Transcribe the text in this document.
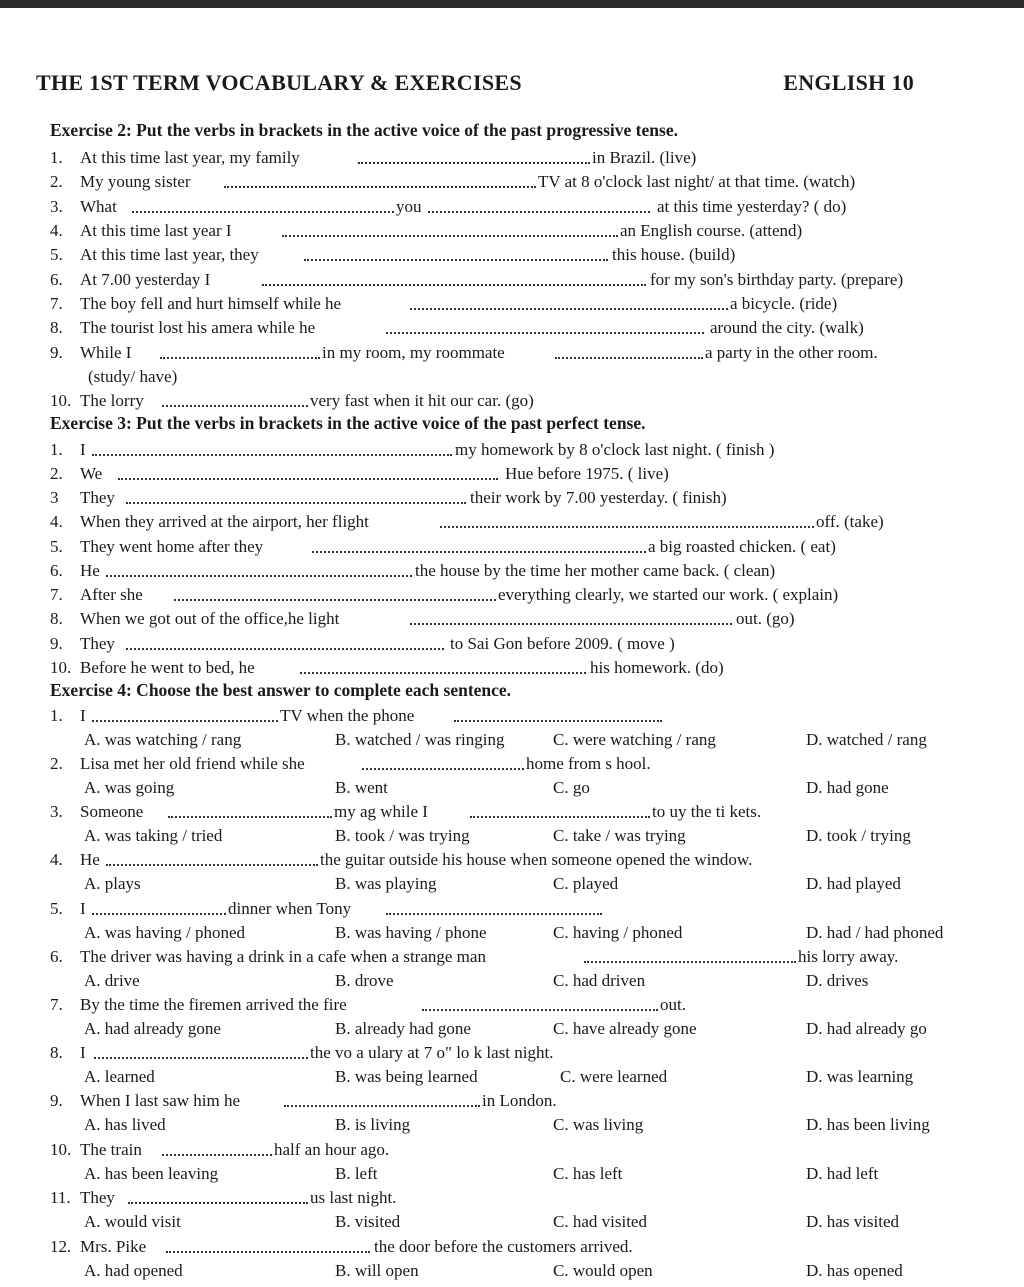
THE 1ST TERM VOCABULARY & EXERCISES	ENGLISH 10
Exercise 2: Put the verbs in brackets in the active voice of the past progressive tense.
1. At this time last year, my family	in Brazil. (live)
2. My young sister	TV at 8 o'clock last night/ at that time. (watch)
3. What	you	at this time yesterday? ( do)
4. At this time last year I	an English course. (attend)
5. At this time last year, they	this house. (build)
6. At 7.00 yesterday I	for my son's birthday party. (prepare)
7. The boy fell and hurt himself while he	a bicycle. (ride)
8. The tourist lost his amera while he	around the city. (walk)
9. While I	in my room, my roommate	a party in the other room.
(study/ have)
10. The lorry	very fast when it hit our car. (go)
Exercise 3: Put the verbs in brackets in the active voice of the past perfect tense.
1. I	my homework by 8 o'clock last night. ( finish )
2. We	Hue before 1975. ( live)
3 They	their work by 7.00 yesterday. ( finish)
4. When they arrived at the airport, her flight	off. (take)
5. They went home after they	a big roasted chicken. ( eat)
6. He	the house by the time her mother came back. ( clean)
7. After she	everything clearly, we started our work. ( explain)
8. When we got out of the office,he light	out. (go)
9. They	to Sai Gon before 2009. ( move )
10. Before he went to bed, he	his homework. (do)
Exercise 4: Choose the best answer to complete each sentence.
1. I	TV when the phone
A. was watching / rang	B. watched / was ringing	C. were watching / rang	D. watched / rang
2. Lisa met her old friend while she	home from s hool.
A. was going	B. went	C. go	D. had gone
3. Someone	my ag while I	to uy the ti kets.
A. was taking / tried	B. took / was trying	C. take / was trying	D. took / trying
4. He	the guitar outside his house when someone opened the window.
A. plays	B. was playing	C. played	D. had played
5. I	dinner when Tony
A. was having / phoned	B. was having / phone	C. having / phoned	D. had / had phoned
6. The driver was having a drink in a cafe when a strange man	his lorry away.
A. drive	B. drove	C. had driven	D. drives
7. By the time the firemen arrived the fire	out.
A. had already gone	B. already had gone	C. have already gone	D. had already go
8. I	the vo a ulary at 7 o" lo k last night.
A. learned	B. was being learned	C. were learned	D. was learning
9. When I last saw him he	in London.
A. has lived	B. is living	C. was living	D. has been living
10. The train	half an hour ago.
A. has been leaving	B. left	C. has left	D. had left
11. They	us last night.
A. would visit	B. visited	C. had visited	D. has visited
12. Mrs. Pike	the door before the customers arrived.
A. had opened	B. will open	C. would open	D. has opened
